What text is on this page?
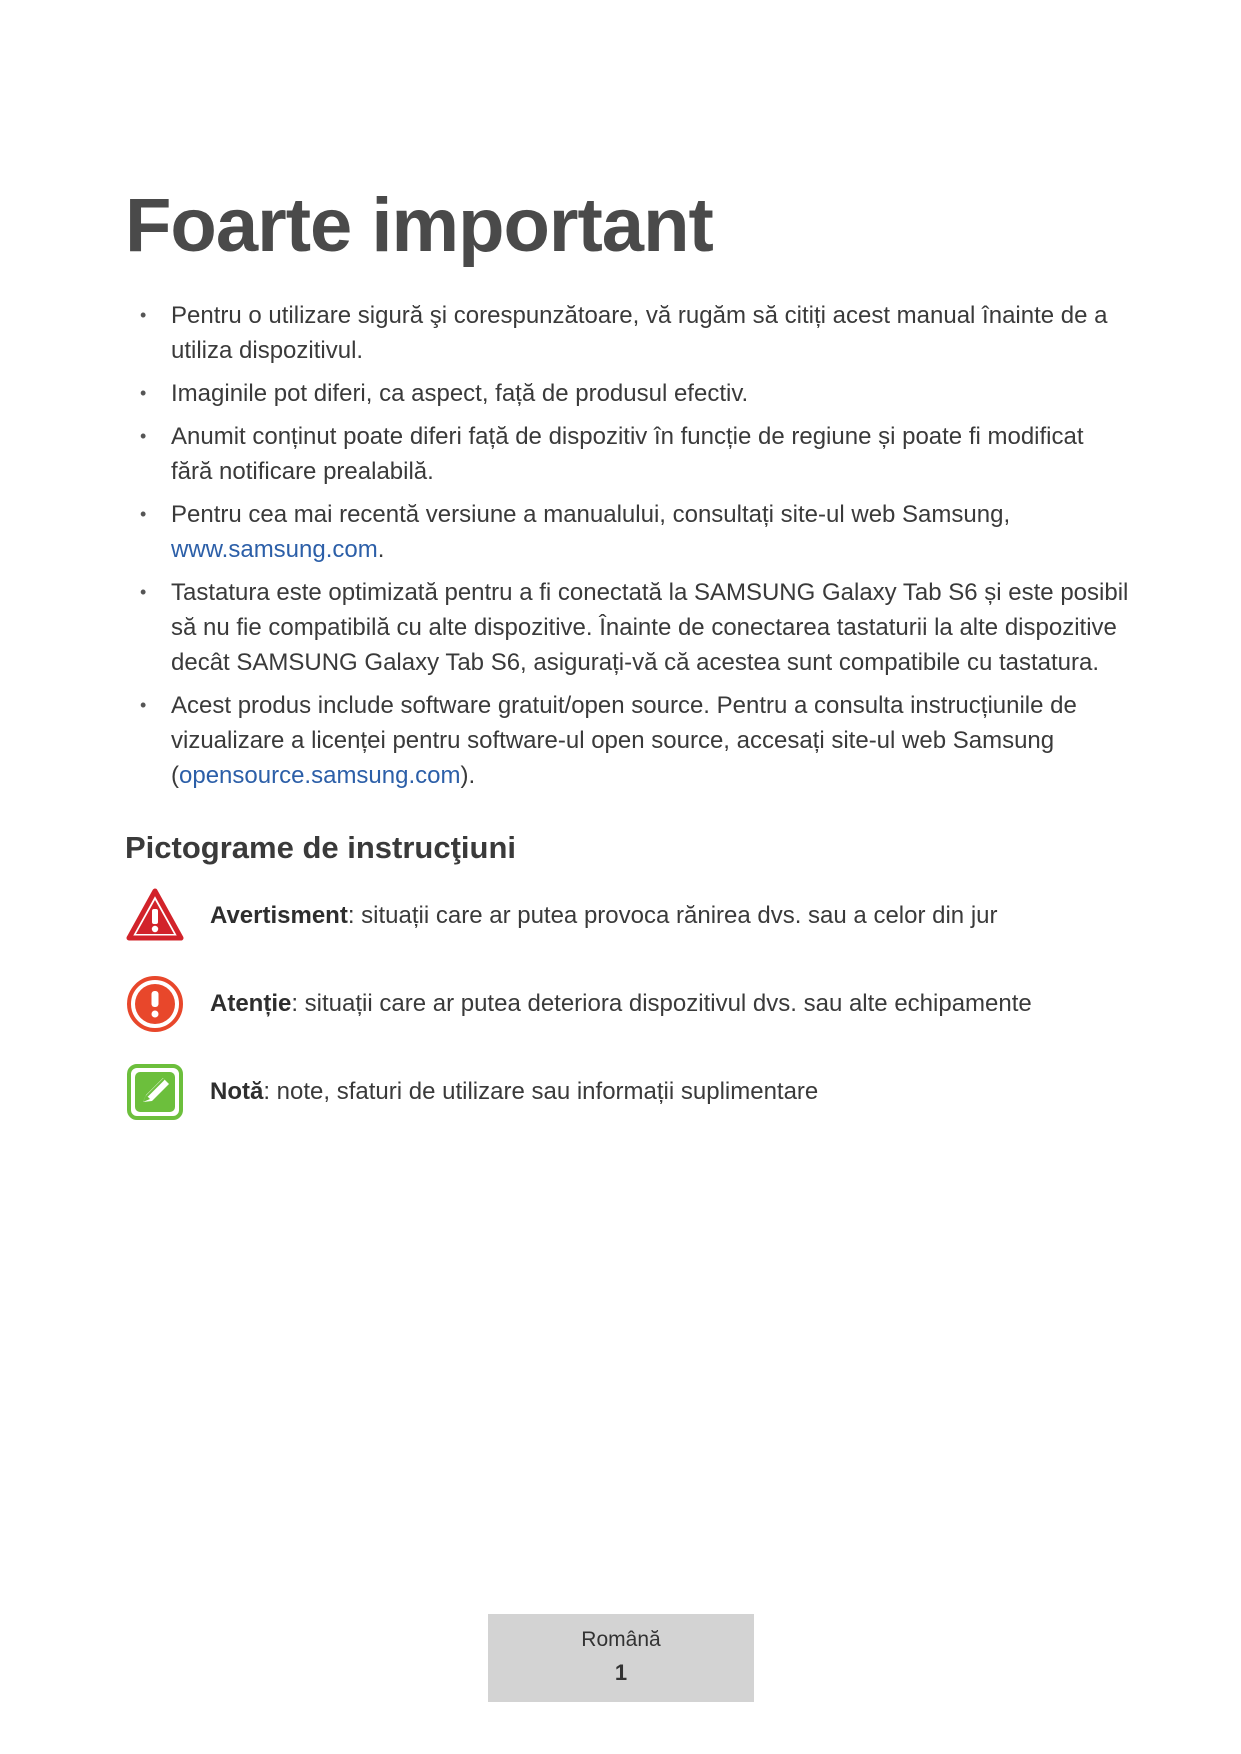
Foarte important
• Pentru o utilizare sigură şi corespunzătoare, vă rugăm să citiți acest manual înainte de a utiliza dispozitivul.
• Imaginile pot diferi, ca aspect, față de produsul efectiv.
• Anumit conținut poate diferi față de dispozitiv în funcție de regiune și poate fi modificat fără notificare prealabilă.
• Pentru cea mai recentă versiune a manualului, consultați site-ul web Samsung, www.samsung.com.
• Tastatura este optimizată pentru a fi conectată la SAMSUNG Galaxy Tab S6 și este posibil să nu fie compatibilă cu alte dispozitive. Înainte de conectarea tastaturii la alte dispozitive decât SAMSUNG Galaxy Tab S6, asigurați-vă că acestea sunt compatibile cu tastatura.
• Acest produs include software gratuit/open source. Pentru a consulta instrucțiunile de vizualizare a licenței pentru software-ul open source, accesați site-ul web Samsung (opensource.samsung.com).
Pictograme de instrucţiuni
Avertisment: situații care ar putea provoca rănirea dvs. sau a celor din jur
Atenție: situații care ar putea deteriora dispozitivul dvs. sau alte echipamente
Notă: note, sfaturi de utilizare sau informații suplimentare
Română
1
